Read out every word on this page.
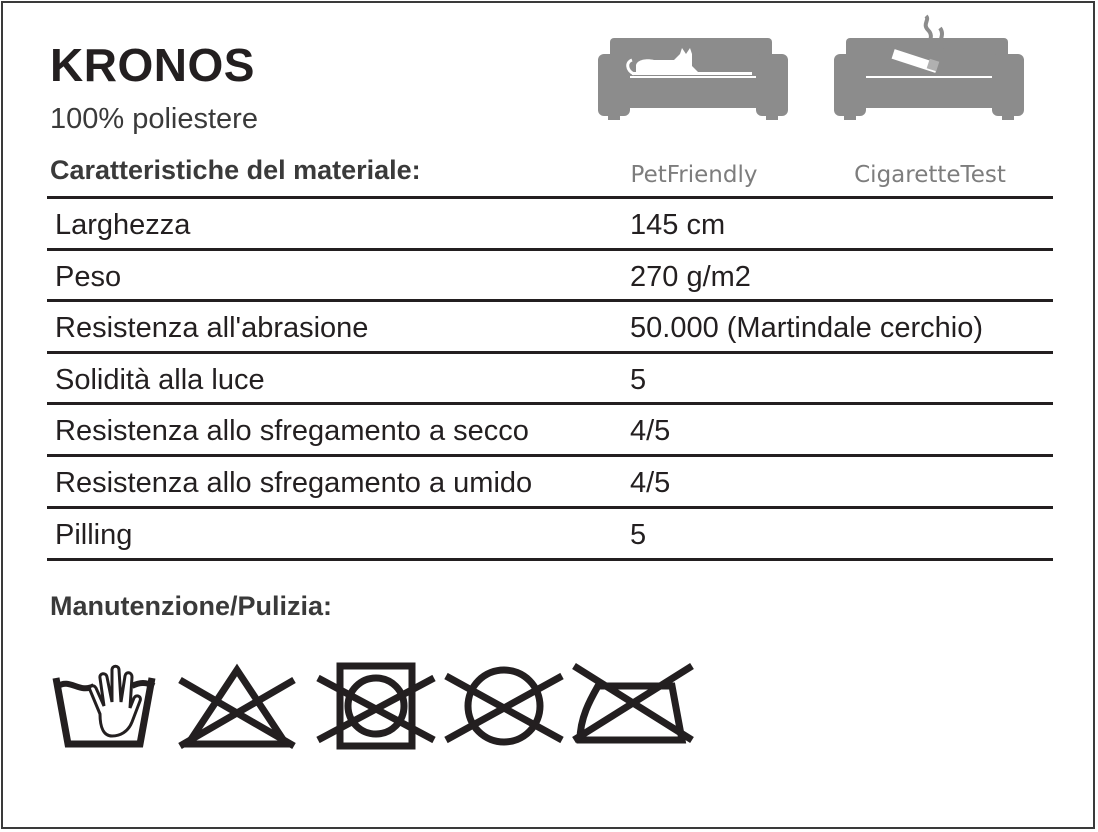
KRONOS
100% poliestere
Caratteristiche del materiale:	PetFriendly	CigaretteTest
Larghezza	145 cm
Peso	270 g/m2
Resistenza all'abrasione	50.000 (Martindale cerchio)
Solidità alla luce	5
Resistenza allo sfregamento a secco	4/5
Resistenza allo sfregamento a umido	4/5
Pilling	5
Manutenzione/Pulizia:
